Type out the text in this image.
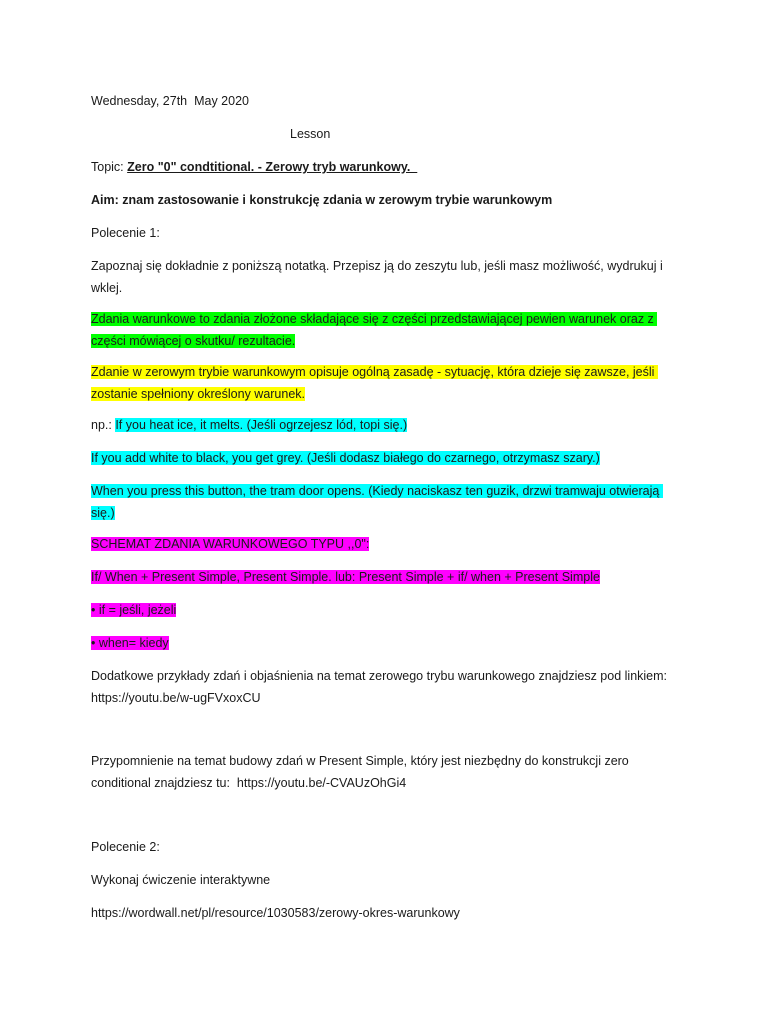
Wednesday, 27th  May 2020

Lesson

Topic: Zero "0" condtitional. - Zerowy tryb warunkowy.

Aim: znam zastosowanie i konstrukcję zdania w zerowym trybie warunkowym

Polecenie 1:

Zapoznaj się dokładnie z poniższą notatką. Przepisz ją do zeszytu lub, jeśli masz możliwość, wydrukuj i wklej.

Zdania warunkowe to zdania złożone składające się z części przedstawiającej pewien warunek oraz z części mówiącej o skutku/ rezultacie.

Zdanie w zerowym trybie warunkowym opisuje ogólną zasadę - sytuację, która dzieje się zawsze, jeśli zostanie spełniony określony warunek.

np.: If you heat ice, it melts. (Jeśli ogrzejesz lód, topi się.)

If you add white to black, you get grey. (Jeśli dodasz białego do czarnego, otrzymasz szary.)

When you press this button, the tram door opens. (Kiedy naciskasz ten guzik, drzwi tramwaju otwierają się.)

SCHEMAT ZDANIA WARUNKOWEGO TYPU ,,0":

If/ When + Present Simple, Present Simple. lub: Present Simple + if/ when + Present Simple

• if = jeśli, jeżeli

• when= kiedy

Dodatkowe przykłady zdań i objaśnienia na temat zerowego trybu warunkowego znajdziesz pod linkiem: https://youtu.be/w-ugFVxoxCU

Przypomnienie na temat budowy zdań w Present Simple, który jest niezbędny do konstrukcji zero conditional znajdziesz tu:  https://youtu.be/-CVAUzOhGi4

Polecenie 2:

Wykonaj ćwiczenie interaktywne

https://wordwall.net/pl/resource/1030583/zerowy-okres-warunkowy
